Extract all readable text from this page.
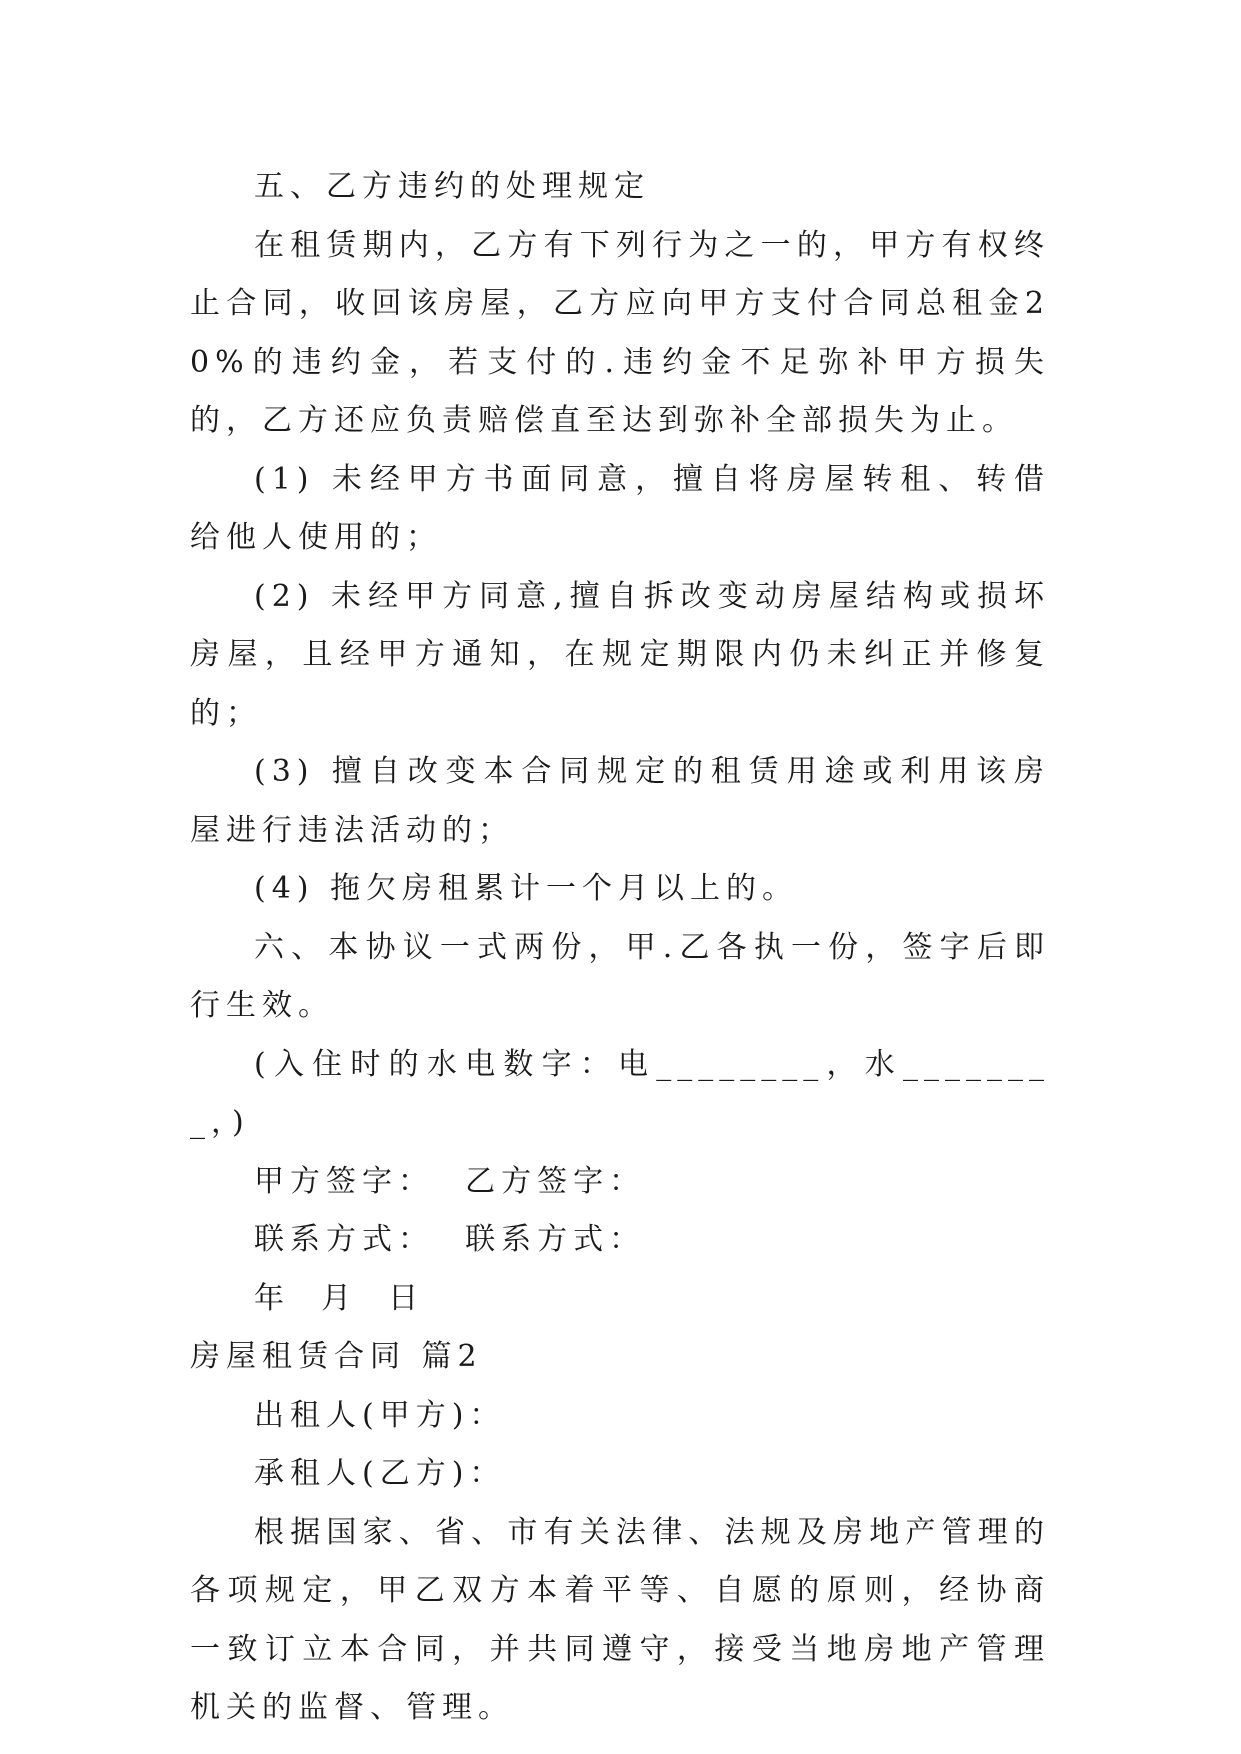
五、乙方违约的处理规定

在租赁期内，乙方有下列行为之一的，甲方有权终止合同，收回该房屋，乙方应向甲方支付合同总租金20%的违约金，若支付的.违约金不足弥补甲方损失的，乙方还应负责赔偿直至达到弥补全部损失为止。

(1) 未经甲方书面同意，擅自将房屋转租、转借给他人使用的；

(2) 未经甲方同意,擅自拆改变动房屋结构或损坏房屋，且经甲方通知，在规定期限内仍未纠正并修复的；

(3) 擅自改变本合同规定的租赁用途或利用该房屋进行违法活动的；

(4) 拖欠房租累计一个月以上的。

六、本协议一式两份，甲.乙各执一份，签字后即行生效。

(入住时的水电数字：电________，水________，)

甲方签字：  乙方签字：

联系方式：  联系方式：

年  月  日

房屋租赁合同 篇2

出租人(甲方)：

承租人(乙方)：

根据国家、省、市有关法律、法规及房地产管理的各项规定，甲乙双方本着平等、自愿的原则，经协商一致订立本合同，并共同遵守，接受当地房地产管理机关的监督、管理。
